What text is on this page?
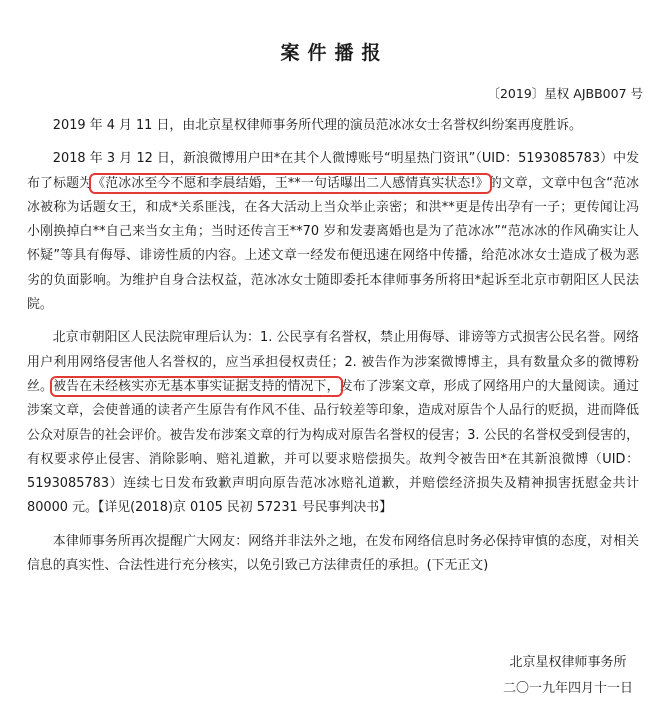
案件播报
〔2019〕星权 AJBB007 号

2019 年 4 月 11 日，由北京星权律师事务所代理的演员范冰冰女士名誉权纠纷案再度胜诉。

2018 年 3 月 12 日，新浪微博用户田*在其个人微博账号“明星热门资讯”（UID：5193085783）中发布了标题为《范冰冰至今不愿和李晨结婚，王**一句话曝出二人感情真实状态!》的文章，文章中包含“范冰冰被称为话题女王，和成*关系匪浅，在各大活动上当众举止亲密；和洪**更是传出孕有一子；更传闻让冯小刚换掉白**自己来当女主角；当时还传言王**70 岁和发妻离婚也是为了范冰冰”“范冰冰的作风确实让人怀疑”等具有侮辱、诽谤性质的内容。上述文章一经发布便迅速在网络中传播，给范冰冰女士造成了极为恶劣的负面影响。为维护自身合法权益，范冰冰女士随即委托本律师事务所将田*起诉至北京市朝阳区人民法院。

北京市朝阳区人民法院审理后认为：1. 公民享有名誉权，禁止用侮辱、诽谤等方式损害公民名誉。网络用户利用网络侵害他人名誉权的，应当承担侵权责任；2. 被告作为涉案微博博主，具有数量众多的微博粉丝。被告在未经核实亦无基本事实证据支持的情况下，发布了涉案文章，形成了网络用户的大量阅读。通过涉案文章，会使普通的读者产生原告有作风不佳、品行较差等印象，造成对原告个人品行的贬损，进而降低公众对原告的社会评价。被告发布涉案文章的行为构成对原告名誉权的侵害；3. 公民的名誉权受到侵害的，有权要求停止侵害、消除影响、赔礼道歉，并可以要求赔偿损失。故判令被告田*在其新浪微博（UID：5193085783）连续七日发布致歉声明向原告范冰冰赔礼道歉，并赔偿经济损失及精神损害抚慰金共计 80000 元。【详见(2018)京 0105 民初 57231 号民事判决书】

本律师事务所再次提醒广大网友：网络并非法外之地，在发布网络信息时务必保持审慎的态度，对相关信息的真实性、合法性进行充分核实，以免引致己方法律责任的承担。(下无正文)

北京星权律师事务所
二〇一九年四月十一日
